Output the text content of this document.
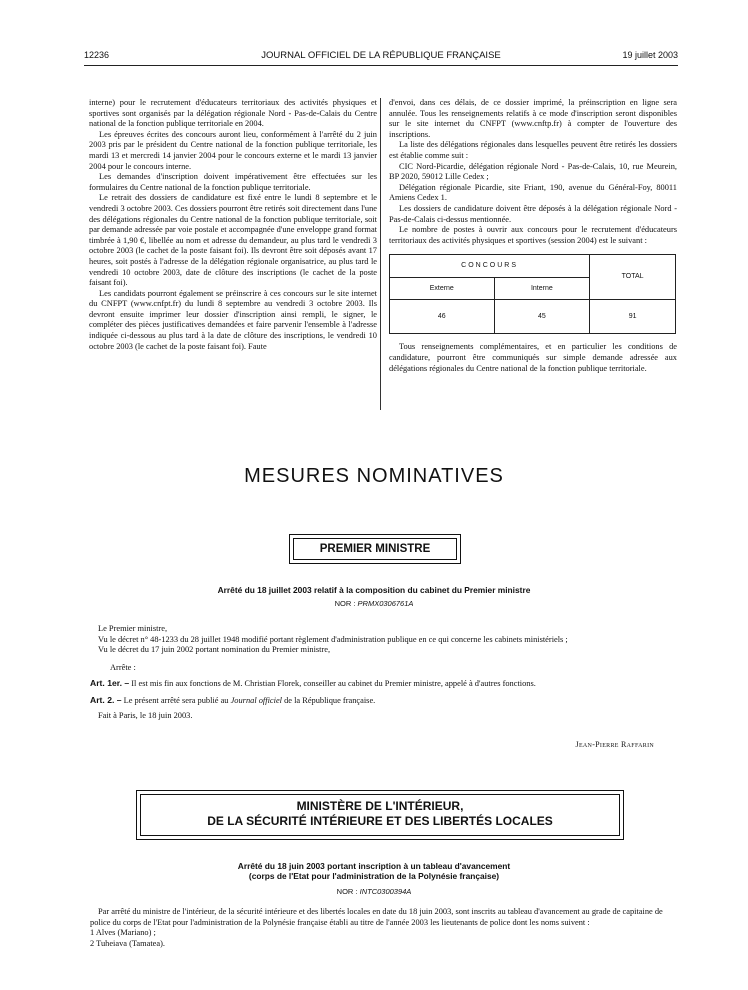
12236	JOURNAL OFFICIEL DE LA RÉPUBLIQUE FRANÇAISE	19 juillet 2003

interne) pour le recrutement d'éducateurs territoriaux des activités physiques et sportives sont organisés par la délégation régionale Nord - Pas-de-Calais du Centre national de la fonction publique territoriale en 2004.

Les épreuves écrites des concours auront lieu, conformément à l'arrêté du 2 juin 2003 pris par le président du Centre national de la fonction publique territoriale, les mardi 13 et mercredi 14 janvier 2004 pour le concours externe et le mardi 13 janvier 2004 pour le concours interne.

Les demandes d'inscription doivent impérativement être effectuées sur les formulaires du Centre national de la fonction publique territoriale.

Le retrait des dossiers de candidature est fixé entre le lundi 8 septembre et le vendredi 3 octobre 2003. Ces dossiers pourront être retirés soit directement dans l'une des délégations régionales du Centre national de la fonction publique territoriale, soit par demande adressée par voie postale et accompagnée d'une enveloppe grand format timbrée à 1,90 €, libellée au nom et adresse du demandeur, au plus tard le vendredi 3 octobre 2003 (le cachet de la poste faisant foi). Ils devront être soit déposés avant 17 heures, soit postés à l'adresse de la délégation régionale organisatrice, au plus tard le vendredi 10 octobre 2003, date de clôture des inscriptions (le cachet de la poste faisant foi).

Les candidats pourront également se préinscrire à ces concours sur le site internet du CNFPT (www.cnfpt.fr) du lundi 8 septembre au vendredi 3 octobre 2003. Ils devront ensuite imprimer leur dossier d'inscription ainsi rempli, le signer, le compléter des pièces justificatives demandées et faire parvenir l'ensemble à l'adresse indiquée ci-dessous au plus tard à la date de clôture des inscriptions, le vendredi 10 octobre 2003 (le cachet de la poste faisant foi). Faute

d'envoi, dans ces délais, de ce dossier imprimé, la préinscription en ligne sera annulée. Tous les renseignements relatifs à ce mode d'inscription seront disponibles sur le site internet du CNFPT (www.cnftp.fr) à compter de l'ouverture des inscriptions.

La liste des délégations régionales dans lesquelles peuvent être retirés les dossiers est établie comme suit :

CIC Nord-Picardie, délégation régionale Nord - Pas-de-Calais, 10, rue Meurein, BP 2020, 59012 Lille Cedex ;

Délégation régionale Picardie, site Friant, 190, avenue du Général-Foy, 80011 Amiens Cedex 1.

Les dossiers de candidature doivent être déposés à la délégation régionale Nord - Pas-de-Calais ci-dessus mentionnée.

Le nombre de postes à ouvrir aux concours pour le recrutement d'éducateurs territoriaux des activités physiques et sportives (session 2004) est le suivant :

CONCOURS		TOTAL
Externe	Interne	
46	45	91

Tous renseignements complémentaires, et en particulier les conditions de candidature, pourront être communiqués sur simple demande adressée aux délégations régionales du Centre national de la fonction publique territoriale.

MESURES NOMINATIVES
PREMIER MINISTRE
Arrêté du 18 juillet 2003 relatif à la composition du cabinet du Premier ministre
NOR : PRMX0306761A

Le Premier ministre,

Vu le décret n° 48-1233 du 28 juillet 1948 modifié portant règlement d'administration publique en ce qui concerne les cabinets ministériels ;

Vu le décret du 17 juin 2002 portant nomination du Premier ministre,

Arrête :

Art. 1er. – Il est mis fin aux fonctions de M. Christian Florek, conseiller au cabinet du Premier ministre, appelé à d'autres fonctions.

Art. 2. – Le présent arrêté sera publié au Journal officiel de la République française.

Fait à Paris, le 18 juin 2003.

Jean-Pierre Raffarin
MINISTÈRE DE L'INTÉRIEUR,
DE LA SÉCURITÉ INTÉRIEURE ET DES LIBERTÉS LOCALES
Arrêté du 18 juin 2003 portant inscription à un tableau d'avancement
(corps de l'Etat pour l'administration de la Polynésie française)
NOR : INTC0300394A

Par arrêté du ministre de l'intérieur, de la sécurité intérieure et des libertés locales en date du 18 juin 2003, sont inscrits au tableau d'avancement au grade de capitaine de police du corps de l'Etat pour l'administration de la Polynésie française établi au titre de l'année 2003 les lieutenants de police dont les noms suivent :

1 Alves (Mariano) ;

2 Tuheiava (Tamatea).
